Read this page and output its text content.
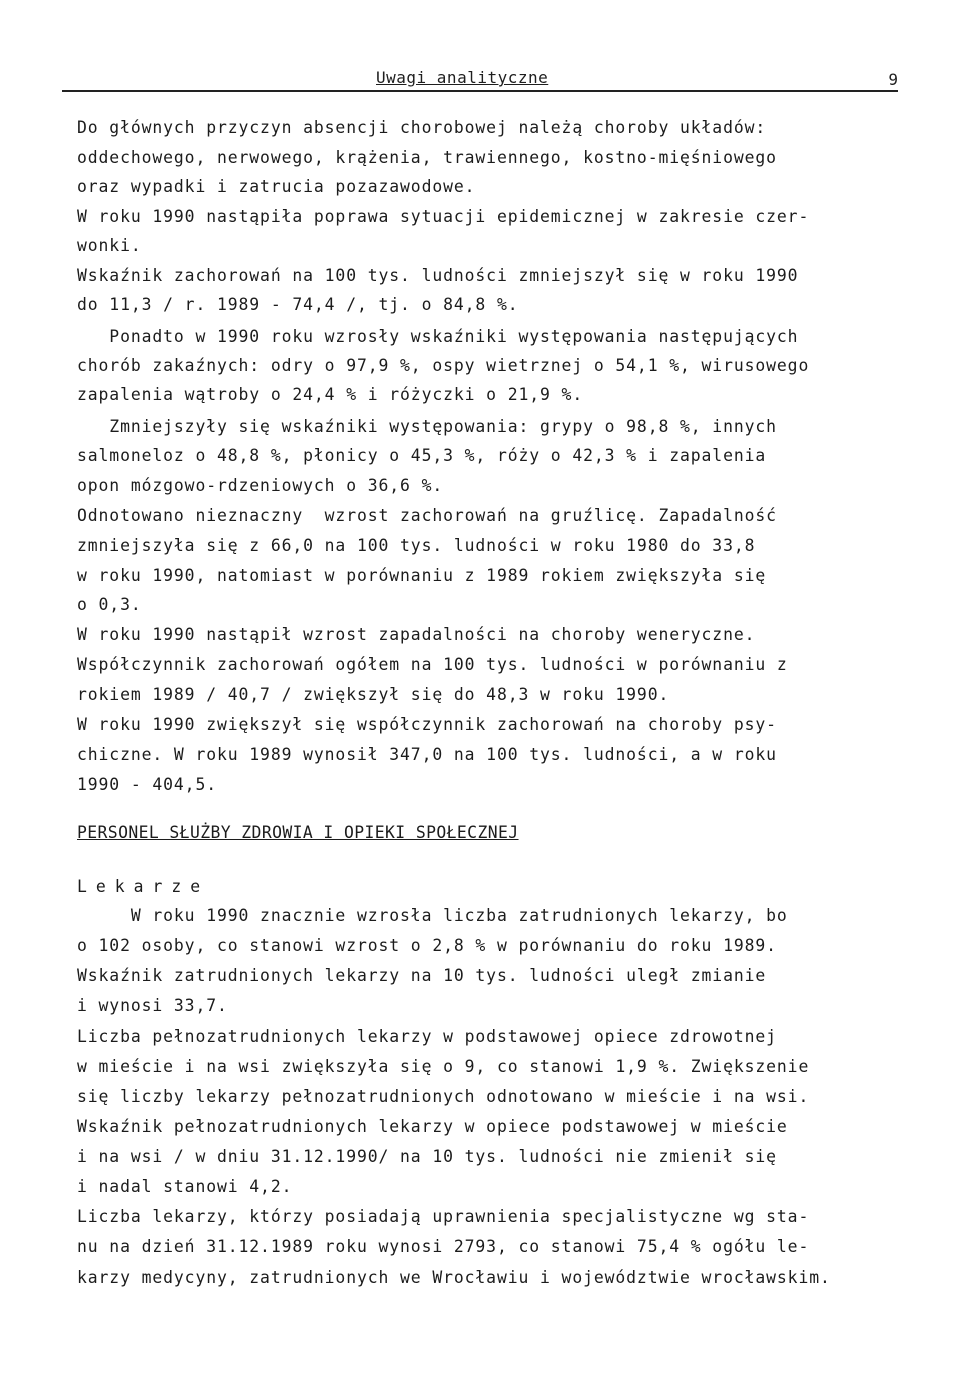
Uwagi analityczne	9
Do głównych przyczyn absencji chorobowej należą choroby układów:
oddechowego, nerwowego, krążenia, trawiennego, kostno-mięśniowego
oraz wypadki i zatrucia pozazawodowe.
W roku 1990 nastąpiła poprawa sytuacji epidemicznej w zakresie czer-
wonki.
Wskaźnik zachorowań na 100 tys. ludności zmniejszył się w roku 1990
do 11,3 / r. 1989 - 74,4 /, tj. o 84,8 %.
Ponadto w 1990 roku wzrosły wskaźniki występowania następujących
chorób zakaźnych: odry o 97,9 %, ospy wietrznej o 54,1 %, wirusowego
zapalenia wątroby o 24,4 % i różyczki o 21,9 %.
Zmniejszyły się wskaźniki występowania: grypy o 98,8 %, innych
salmoneloz o 48,8 %, płonicy o 45,3 %, róży o 42,3 % i zapalenia
opon mózgowo-rdzeniowych o 36,6 %.
Odnotowano nieznaczny  wzrost zachorowań na gruźlicę. Zapadalność
zmniejszyła się z 66,0 na 100 tys. ludności w roku 1980 do 33,8
w roku 1990, natomiast w porównaniu z 1989 rokiem zwiększyła się
o 0,3.
W roku 1990 nastąpił wzrost zapadalności na choroby weneryczne.
Współczynnik zachorowań ogółem na 100 tys. ludności w porównaniu z
rokiem 1989 / 40,7 / zwiększył się do 48,3 w roku 1990.
W roku 1990 zwiększył się współczynnik zachorowań na choroby psy-
chiczne. W roku 1989 wynosił 347,0 na 100 tys. ludności, a w roku
1990 - 404,5.
PERSONEL SŁUŻBY ZDROWIA I OPIEKI SPOŁECZNEJ
Lekarze
W roku 1990 znacznie wzrosła liczba zatrudnionych lekarzy, bo
o 102 osoby, co stanowi wzrost o 2,8 % w porównaniu do roku 1989.
Wskaźnik zatrudnionych lekarzy na 10 tys. ludności uległ zmianie
i wynosi 33,7.
Liczba pełnozatrudnionych lekarzy w podstawowej opiece zdrowotnej
w mieście i na wsi zwiększyła się o 9, co stanowi 1,9 %. Zwiększenie
się liczby lekarzy pełnozatrudnionych odnotowano w mieście i na wsi.
Wskaźnik pełnozatrudnionych lekarzy w opiece podstawowej w mieście
i na wsi / w dniu 31.12.1990/ na 10 tys. ludności nie zmienił się
i nadal stanowi 4,2.
Liczba lekarzy, którzy posiadają uprawnienia specjalistyczne wg sta-
nu na dzień 31.12.1989 roku wynosi 2793, co stanowi 75,4 % ogółu le-
karzy medycyny, zatrudnionych we Wrocławiu i województwie wrocławskim.
